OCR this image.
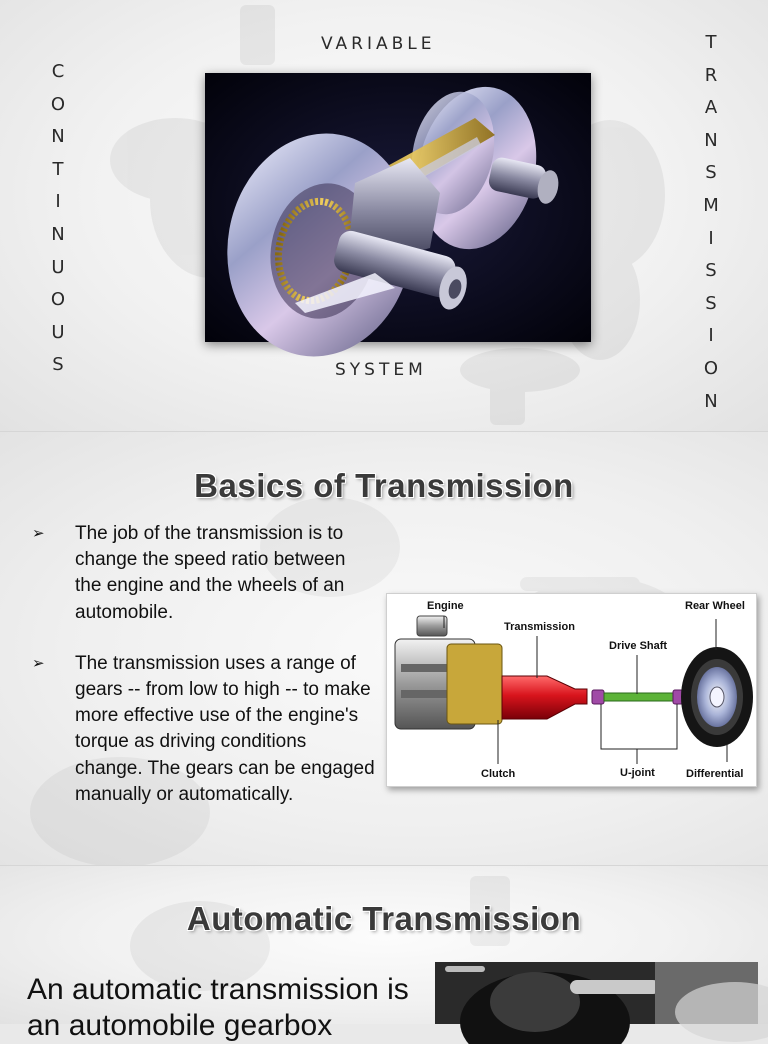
VARIABLE
SYSTEM
C
O
N
T
I
N
U
O
U
S
T
R
A
N
S
M
I
S
S
I
O
N
Basics of Transmission
➢ The job of the transmission is to change the speed ratio between the engine and the wheels of an automobile.
➢ The transmission uses a range of gears -- from low to high -- to make more effective use of the engine's torque as driving conditions change. The gears can be engaged manually or automatically.
Engine
Transmission
Drive Shaft
Rear Wheel
Clutch	U-joint	Differential
Automatic Transmission
An automatic transmission is an automobile gearbox
